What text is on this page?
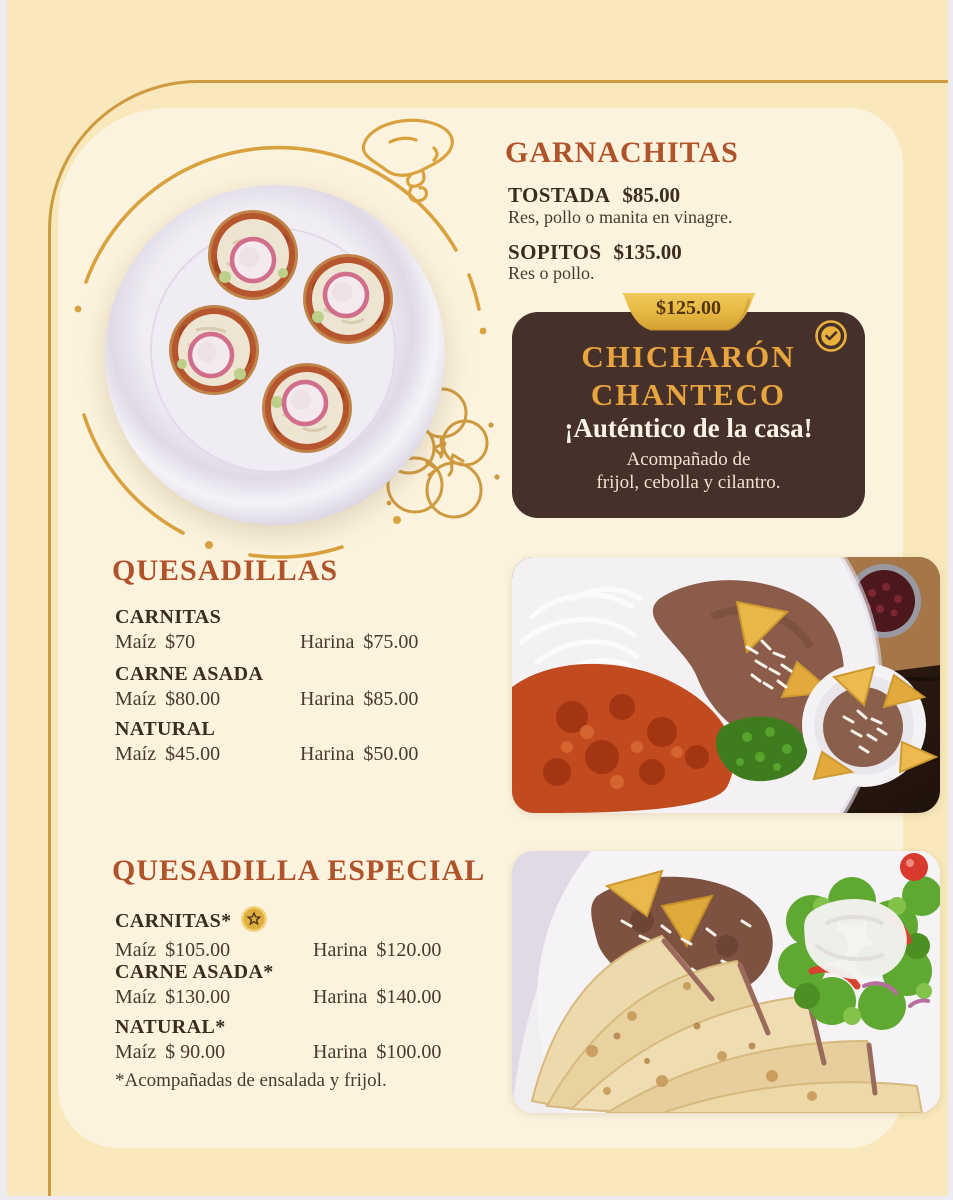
GARNACHITAS
TOSTADA $85.00
Res, pollo o manita en vinagre.
SOPITOS $135.00
Res o pollo.
$125.00
CHICHARÓN
CHANTECO
¡Auténtico de la casa!
Acompañado de
frijol, cebolla y cilantro.
QUESADILLAS
CARNITAS
Maíz $70	Harina $75.00
CARNE ASADA
Maíz $80.00	Harina $85.00
NATURAL
Maíz $45.00	Harina $50.00
QUESADILLA ESPECIAL
CARNITAS*
Maíz $105.00	Harina $120.00
CARNE ASADA*
Maíz $130.00	Harina $140.00
NATURAL*
Maíz $ 90.00	Harina $100.00
*Acompañadas de ensalada y frijol.
